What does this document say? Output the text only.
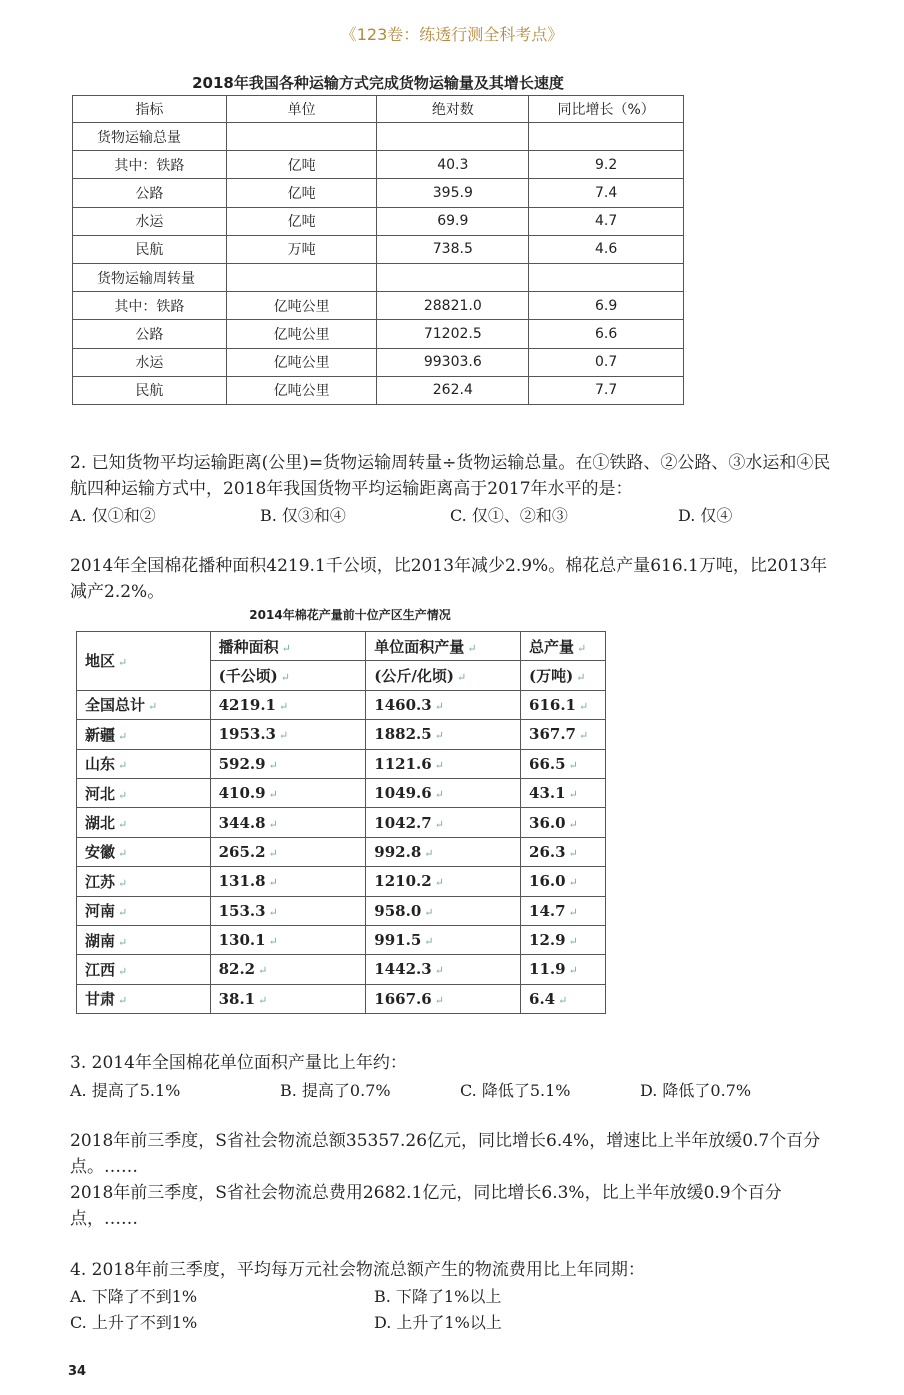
《123卷：练透行测全科考点》
2018年我国各种运输方式完成货物运输量及其增长速度
指标	单位	绝对数	同比增长（%）
货物运输总量			
其中：铁路	亿吨	40.3	9.2
公路	亿吨	395.9	7.4
水运	亿吨	69.9	4.7
民航	万吨	738.5	4.6
货物运输周转量			
其中：铁路	亿吨公里	28821.0	6.9
公路	亿吨公里	71202.5	6.6
水运	亿吨公里	99303.6	0.7
民航	亿吨公里	262.4	7.7
2. 已知货物平均运输距离(公里)=货物运输周转量÷货物运输总量。在①铁路、②公路、③水运和④民航四种运输方式中，2018年我国货物平均运输距离高于2017年水平的是：
A. 仅①和②	B. 仅③和④	C. 仅①、②和③	D. 仅④
2014年全国棉花播种面积4219.1千公顷，比2013年减少2.9%。棉花总产量616.1万吨，比2013年减产2.2%。
2014年棉花产量前十位产区生产情况
地区 ↵	播种面积 ↵	单位面积产量 ↵	总产量 ↵
	(千公顷) ↵	(公斤/化顷) ↵	(万吨) ↵
全国总计 ↵	4219.1 ↵	1460.3 ↵	616.1 ↵
新疆 ↵	1953.3 ↵	1882.5 ↵	367.7 ↵
山东 ↵	592.9 ↵	1121.6 ↵	66.5 ↵
河北 ↵	410.9 ↵	1049.6 ↵	43.1 ↵
湖北 ↵	344.8 ↵	1042.7 ↵	36.0 ↵
安徽 ↵	265.2 ↵	992.8 ↵	26.3 ↵
江苏 ↵	131.8 ↵	1210.2 ↵	16.0 ↵
河南 ↵	153.3 ↵	958.0 ↵	14.7 ↵
湖南 ↵	130.1 ↵	991.5 ↵	12.9 ↵
江西 ↵	82.2 ↵	1442.3 ↵	11.9 ↵
甘肃 ↵	38.1 ↵	1667.6 ↵	6.4 ↵
3. 2014年全国棉花单位面积产量比上年约：
A. 提高了5.1%	B. 提高了0.7%	C. 降低了5.1%	D. 降低了0.7%
2018年前三季度，S省社会物流总额35357.26亿元，同比增长6.4%，增速比上半年放缓0.7个百分点。……
2018年前三季度，S省社会物流总费用2682.1亿元，同比增长6.3%，比上半年放缓0.9个百分点，……
4. 2018年前三季度，平均每万元社会物流总额产生的物流费用比上年同期：
A. 下降了不到1%	B. 下降了1%以上
C. 上升了不到1%	D. 上升了1%以上
34
